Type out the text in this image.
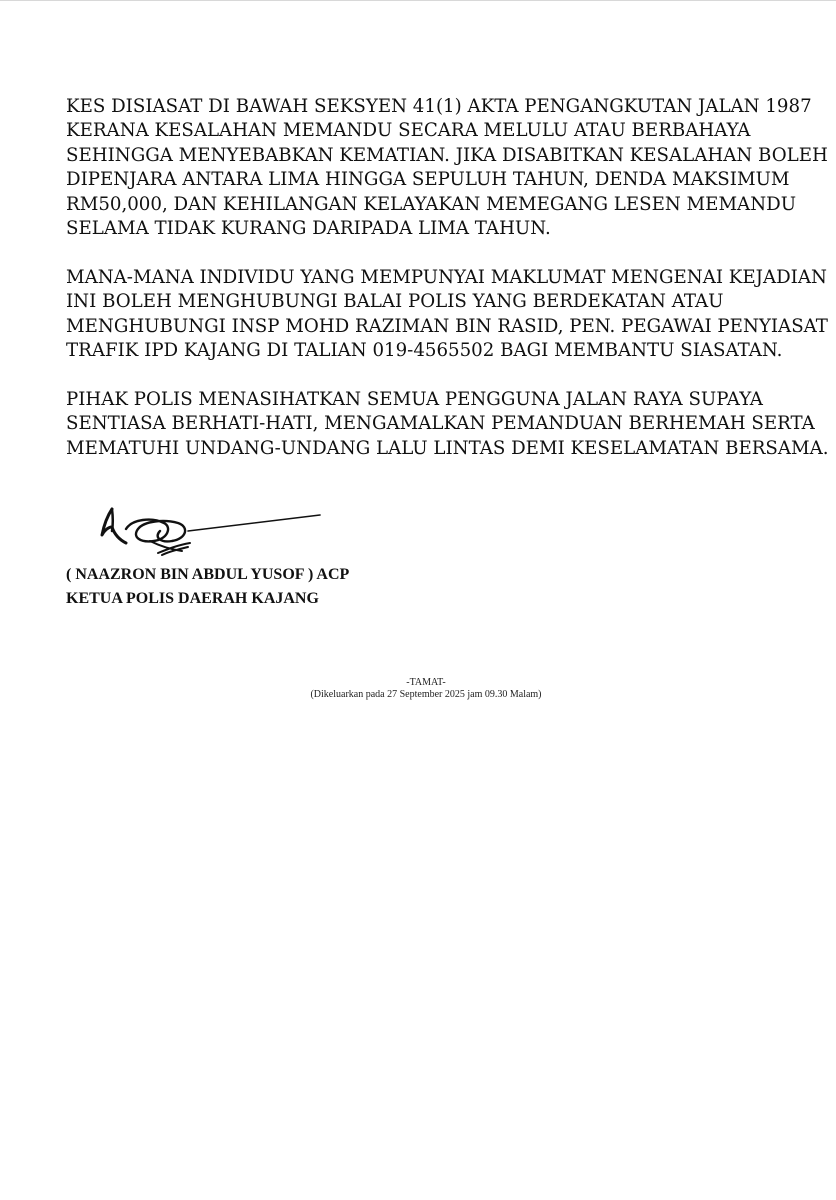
KES DISIASAT DI BAWAH SEKSYEN 41(1) AKTA PENGANGKUTAN JALAN 1987
KERANA KESALAHAN MEMANDU SECARA MELULU ATAU BERBAHAYA
SEHINGGA MENYEBABKAN KEMATIAN. JIKA DISABITKAN KESALAHAN BOLEH
DIPENJARA ANTARA LIMA HINGGA SEPULUH TAHUN, DENDA MAKSIMUM
RM50,000, DAN KEHILANGAN KELAYAKAN MEMEGANG LESEN MEMANDU
SELAMA TIDAK KURANG DARIPADA LIMA TAHUN.

MANA-MANA INDIVIDU YANG MEMPUNYAI MAKLUMAT MENGENAI KEJADIAN
INI BOLEH MENGHUBUNGI BALAI POLIS YANG BERDEKATAN ATAU
MENGHUBUNGI INSP MOHD RAZIMAN BIN RASID, PEN. PEGAWAI PENYIASAT
TRAFIK IPD KAJANG DI TALIAN 019-4565502 BAGI MEMBANTU SIASATAN.

PIHAK POLIS MENASIHATKAN SEMUA PENGGUNA JALAN RAYA SUPAYA
SENTIASA BERHATI-HATI, MENGAMALKAN PEMANDUAN BERHEMAH SERTA
MEMATUHI UNDANG-UNDANG LALU LINTAS DEMI KESELAMATAN BERSAMA.

( NAAZRON BIN ABDUL YUSOF ) ACP
KETUA POLIS DAERAH KAJANG
-TAMAT-
(Dikeluarkan pada 27 September 2025 jam 09.30 Malam)
